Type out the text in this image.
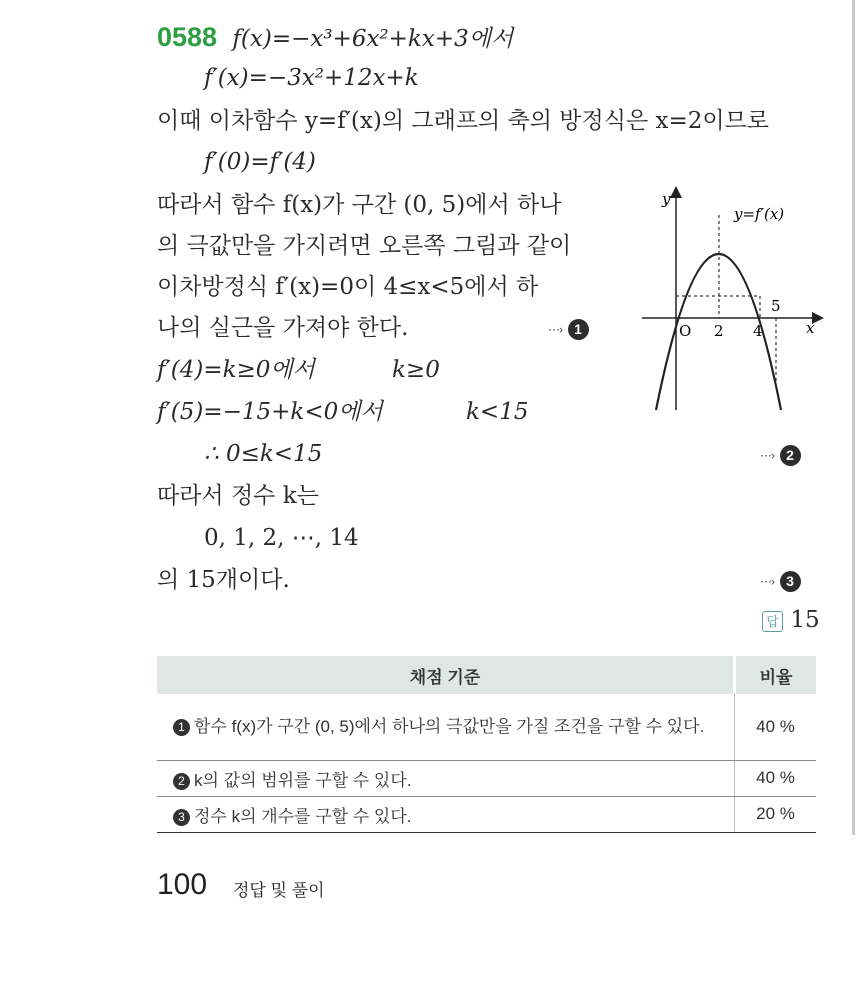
0588 f(x)=−x³+6x²+kx+3에서
f′(x)=−3x²+12x+k
이때 이차함수 y=f′(x)의 그래프의 축의 방정식은 x=2이므로
f′(0)=f′(4)
따라서 함수 f(x)가 구간 (0, 5)에서 하나
의 극값만을 가지려면 오른쪽 그림과 같이
이차방정식 f′(x)=0이 4≤x<5에서 하
나의 실근을 가져야 한다.	⋯› 1
f′(4)=k≥0에서	k≥0
f′(5)=−15+k<0에서	k<15
∴ 0≤k<15	⋯› 2
따라서 정수 k는
0, 1, 2, ⋯, 14
의 15개이다.	⋯› 3
답 15
y
x
y=f′(x)
O 2 4
5
채점 기준	비율
1 함수 f(x)가 구간 (0, 5)에서 하나의 극값만을 가질 조건을 구할 수 있다.	40 %
2 k의 값의 범위를 구할 수 있다.	40 %
3 정수 k의 개수를 구할 수 있다.	20 %
100 정답 및 풀이
